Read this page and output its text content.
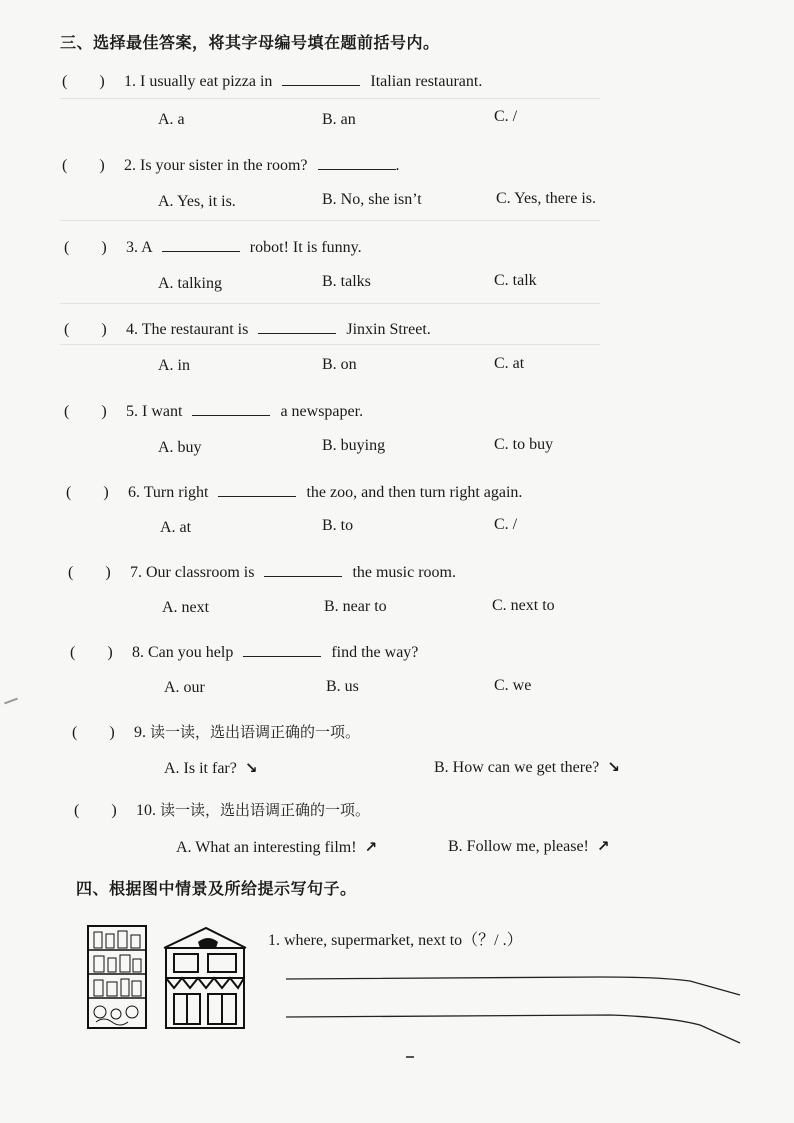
三、选择最佳答案，将其字母编号填在题前括号内。
(　　) 1. I usually eat pizza in	Italian restaurant.
A. a	B. an	C. /
(　　) 2. Is your sister in the room?	.
A. Yes, it is.	B. No, she isn’t	C. Yes, there is.
(　　) 3. A	robot! It is funny.
A. talking	B. talks	C. talk
(　　) 4. The restaurant is	Jinxin Street.
A. in	B. on	C. at
(　　) 5. I want	a newspaper.
A. buy	B. buying	C. to buy
(　　) 6. Turn right	the zoo, and then turn right again.
A. at	B. to	C. /
(　　) 7. Our classroom is	the music room.
A. next	B. near to	C. next to
(　　) 8. Can you help	find the way?
A. our	B. us	C. we
(　　) 9. 读一读，选出语调正确的一项。
A. Is it far? ↘	B. How can we get there? ↘
(　　) 10. 读一读，选出语调正确的一项。
A. What an interesting film! ↗	B. Follow me, please! ↗
四、根据图中情景及所给提示写句子。
1. where, supermarket, next to（？/ .）
